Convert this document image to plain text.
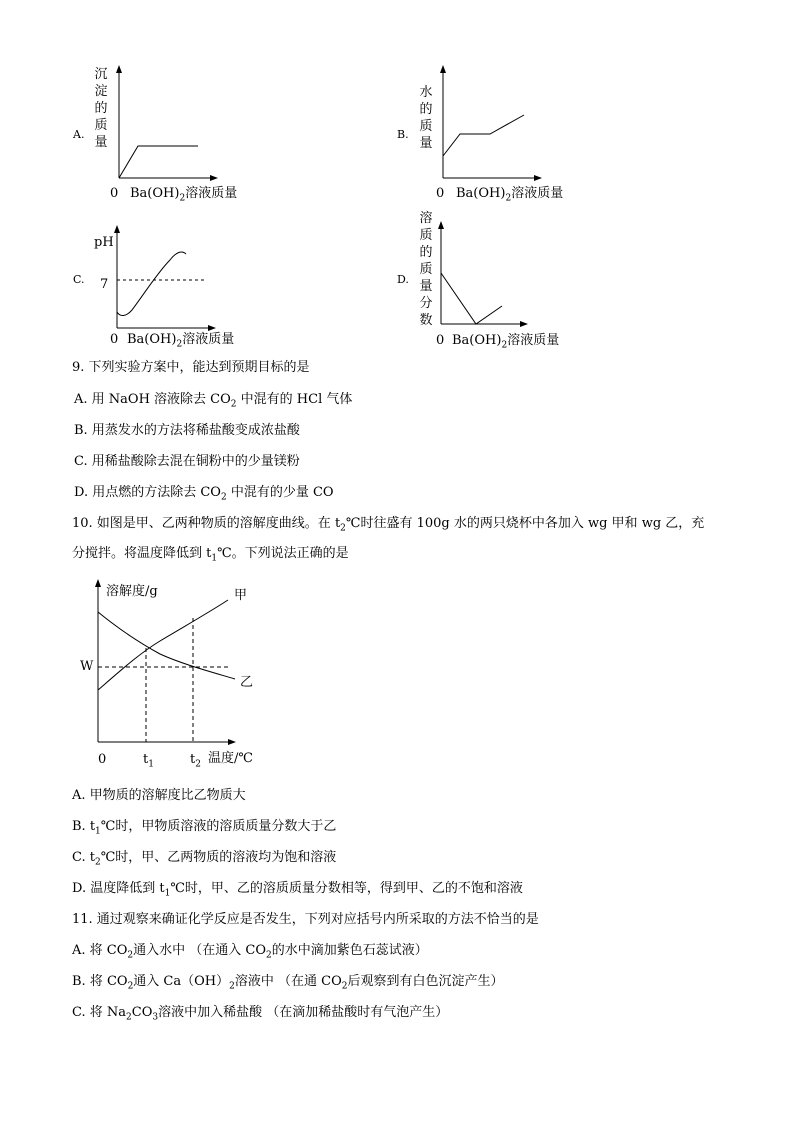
A.
沉
淀
的
质
量
0 $Ba(OH)_2$溶液质量
B.
水
的
质
量
0 $Ba(OH)_2$溶液质量
C.
pH
7
0 $Ba(OH)_2$溶液质量
D.
溶
质
的
质
量
分
数
0 $Ba(OH)_2$溶液质量
9. 下列实验方案中，能达到预期目标的是
A. 用 NaOH 溶液除去 $CO_2$ 中混有的 HCl 气体
B. 用蒸发水的方法将稀盐酸变成浓盐酸
C. 用稀盐酸除去混在铜粉中的少量镁粉
D. 用点燃的方法除去 $CO_2$ 中混有的少量 CO
10. 如图是甲、乙两种物质的溶解度曲线。在 $t_2℃$时往盛有 100g 水的两只烧杯中各加入 wg 甲和 wg 乙，充
分搅拌。将温度降低到 $t_1℃$。下列说法正确的是
溶解度/g	甲
乙
W
0	$t_1$	$t_2$ 温度/℃
A. 甲物质的溶解度比乙物质大
B. $t_1℃$时，甲物质溶液的溶质质量分数大于乙
C. $t_2℃$时，甲、乙两物质的溶液均为饱和溶液
D. 温度降低到 $t_1℃$时，甲、乙的溶质质量分数相等，得到甲、乙的不饱和溶液
11. 通过观察来确证化学反应是否发生，下列对应括号内所采取的方法不恰当的是
A. 将 $CO_2$通入水中 （在通入 $CO_2$的水中滴加紫色石蕊试液）
B. 将 $CO_2$通入 $Ca(OH)_2$溶液中 （在通 $CO_2$后观察到有白色沉淀产生）
C. 将 $Na_2CO_3$溶液中加入稀盐酸 （在滴加稀盐酸时有气泡产生）
